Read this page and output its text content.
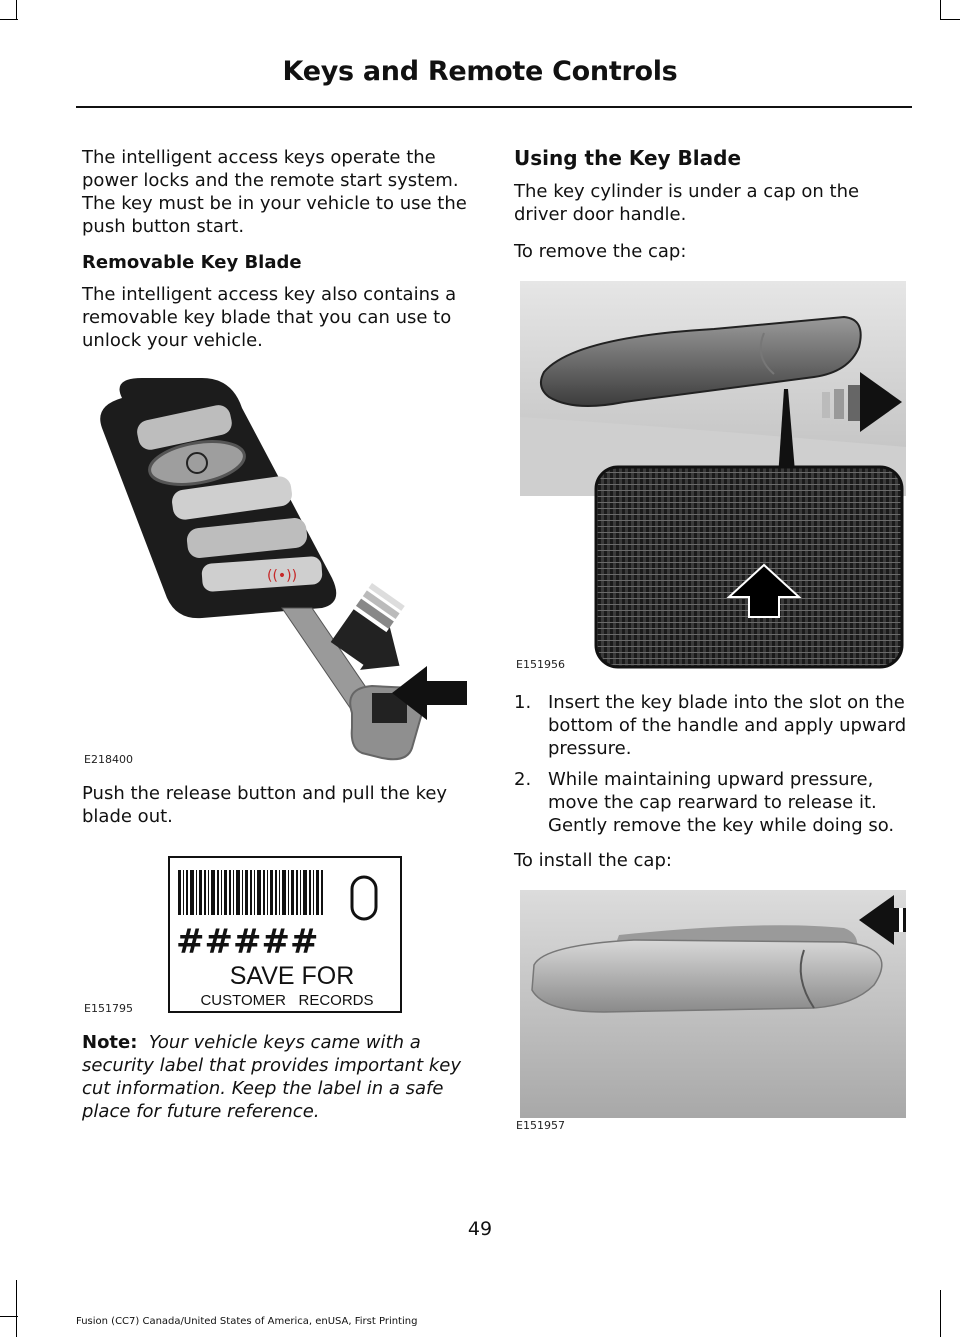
Keys and Remote Controls

The intelligent access keys operate the power locks and the remote start system. The key must be in your vehicle to use the push button start.

Removable Key Blade

The intelligent access key also contains a removable key blade that you can use to unlock your vehicle.

((•))
E218400

Push the release button and pull the key blade out.

#####
SAVE FOR
CUSTOMER   RECORDS
E151795

Note: Your vehicle keys came with a security label that provides important key cut information. Keep the label in a safe place for future reference.

Using the Key Blade

The key cylinder is under a cap on the driver door handle.

To remove the cap:

E151956
1. Insert the key blade into the slot on the bottom of the handle and apply upward pressure.
2. While maintaining upward pressure, move the cap rearward to release it. Gently remove the key while doing so.

To install the cap:

E151957
49
Fusion (CC7) Canada/United States of America, enUSA, First Printing
